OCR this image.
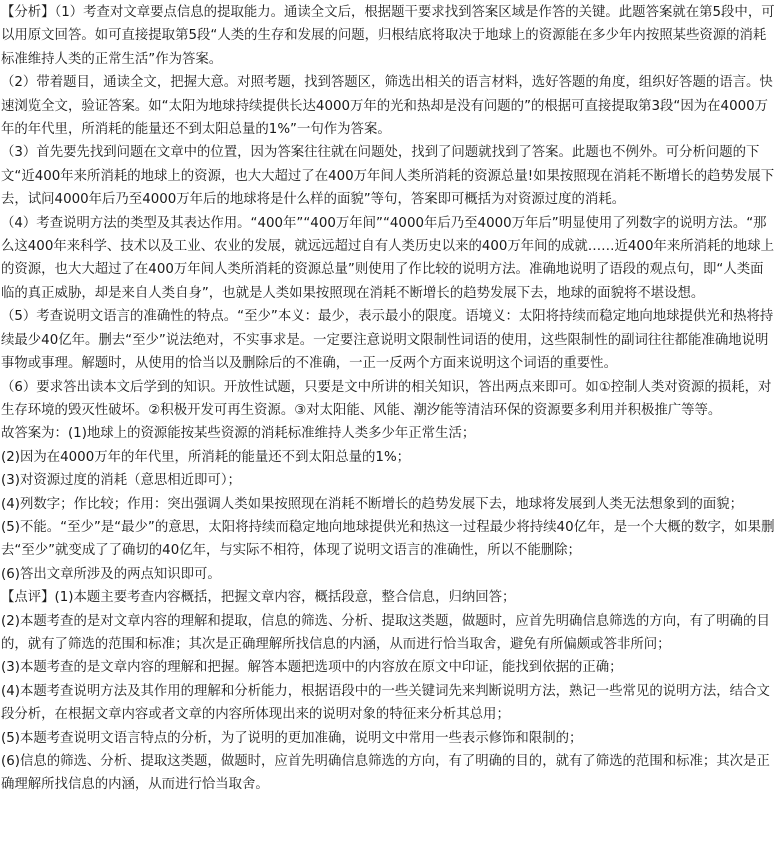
【分析】（1）考查对文章要点信息的提取能力。通读全文后，根据题干要求找到答案区域是作答的关键。此题答案就在第5段中，可以用原文回答。如可直接提取第5段“人类的生存和发展的问题，归根结底将取决于地球上的资源能在多少年内按照某些资源的消耗标准维持人类的正常生活”作为答案。

（2）带着题目，通读全文，把握大意。对照考题，找到答题区，筛选出相关的语言材料，选好答题的角度，组织好答题的语言。快速浏览全文，验证答案。如“太阳为地球持续提供长达4000万年的光和热却是没有问题的”的根据可直接提取第3段“因为在4000万年的年代里，所消耗的能量还不到太阳总量的1%”一句作为答案。

（3）首先要先找到问题在文章中的位置，因为答案往往就在问题处，找到了问题就找到了答案。此题也不例外。可分析问题的下文“近400年来所消耗的地球上的资源，也大大超过了在400万年间人类所消耗的资源总量!如果按照现在消耗不断增长的趋势发展下去，试问4000年后乃至4000万年后的地球将是什么样的面貌”等句，答案即可概括为对资源过度的消耗。

（4）考查说明方法的类型及其表达作用。“400年”“400万年间”“4000年后乃至4000万年后”明显使用了列数字的说明方法。“那么这400年来科学、技术以及工业、农业的发展，就远远超过自有人类历史以来的400万年间的成就……近400年来所消耗的地球上的资源，也大大超过了在400万年间人类所消耗的资源总量”则使用了作比较的说明方法。准确地说明了语段的观点句，即“人类面临的真正威胁，却是来自人类自身”，也就是人类如果按照现在消耗不断增长的趋势发展下去，地球的面貌将不堪设想。

（5）考查说明文语言的准确性的特点。“至少”本义：最少，表示最小的限度。语境义：太阳将持续而稳定地向地球提供光和热将持续最少40亿年。删去“至少”说法绝对，不实事求是。一定要注意说明文限制性词语的使用，这些限制性的副词往往都能准确地说明事物或事理。解题时，从使用的恰当以及删除后的不准确，一正一反两个方面来说明这个词语的重要性。

（6）要求答出读本文后学到的知识。开放性试题，只要是文中所讲的相关知识，答出两点来即可。如①控制人类对资源的损耗，对生存环境的毁灭性破坏。②积极开发可再生资源。③对太阳能、风能、潮汐能等清洁环保的资源要多利用并积极推广等等。

故答案为：(1)地球上的资源能按某些资源的消耗标准维持人类多少年正常生活；

(2)因为在4000万年的年代里，所消耗的能量还不到太阳总量的1%；

(3)对资源过度的消耗（意思相近即可）；

(4)列数字；作比较；作用：突出强调人类如果按照现在消耗不断增长的趋势发展下去，地球将发展到人类无法想象到的面貌；

(5)不能。“至少”是“最少”的意思，太阳将持续而稳定地向地球提供光和热这一过程最少将持续40亿年，是一个大概的数字，如果删去“至少”就变成了了确切的40亿年，与实际不相符，体现了说明文语言的准确性，所以不能删除；

(6)答出文章所涉及的两点知识即可。

【点评】(1)本题主要考查内容概括，把握文章内容，概括段意，整合信息，归纳回答；

(2)本题考查的是对文章内容的理解和提取，信息的筛选、分析、提取这类题，做题时，应首先明确信息筛选的方向，有了明确的目的，就有了筛选的范围和标准；其次是正确理解所找信息的内涵，从而进行恰当取舍，避免有所偏颇或答非所问；

(3)本题考查的是文章内容的理解和把握。解答本题把选项中的内容放在原文中印证，能找到依据的正确；

(4)本题考查说明方法及其作用的理解和分析能力，根据语段中的一些关键词先来判断说明方法，熟记一些常见的说明方法，结合文段分析，在根据文章内容或者文章的内容所体现出来的说明对象的特征来分析其总用；

(5)本题考查说明文语言特点的分析，为了说明的更加准确，说明文中常用一些表示修饰和限制的；

(6)信息的筛选、分析、提取这类题，做题时，应首先明确信息筛选的方向，有了明确的目的，就有了筛选的范围和标准；其次是正确理解所找信息的内涵，从而进行恰当取舍。
